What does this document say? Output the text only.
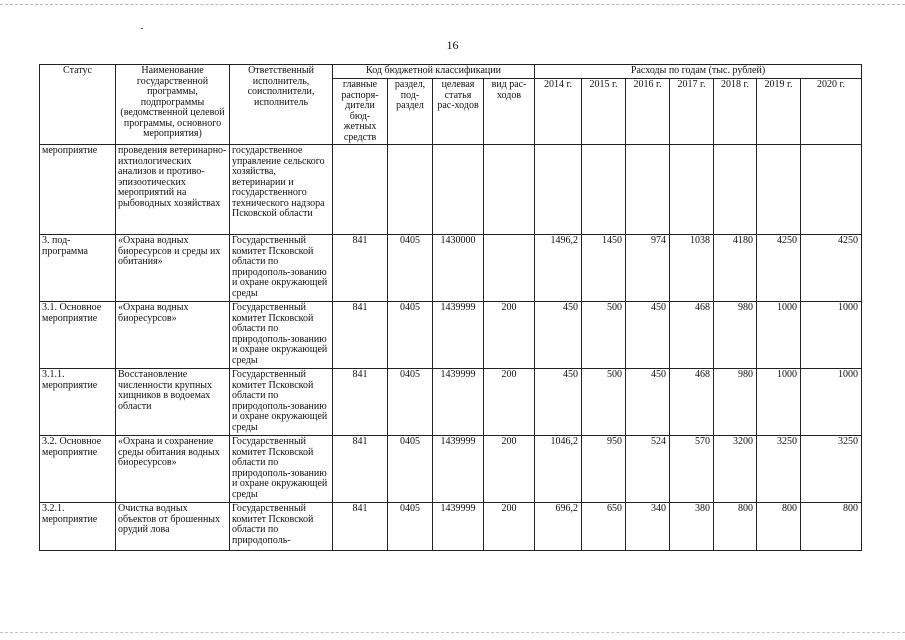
16
Статус	Наименование государственной программы, подпрограммы (ведомственной целевой программы, основного мероприятия)	Ответственный исполнитель, соисполнители, исполнитель	Код бюджетной классификации				Расходы по годам (тыс. рублей)						
			главные распоря-дители бюд-жетных средств	раздел, под-раздел	целевая статья рас-ходов	вид рас-ходов	2014 г.	2015 г.	2016 г.	2017 г.	2018 г.	2019 г.	2020 г.
мероприятие	проведения ветеринарно-ихтиологических анализов и противо-эпизоотических мероприятий на рыбоводных хозяйствах	государственное управление сельского хозяйства, ветеринарии и государственного технического надзора Псковской области											
3. под-программа	«Охрана водных биоресурсов и среды их обитания»	Государственный комитет Псковской области по природополь-зованию и охране окружающей среды	841	0405	1430000		1496,2	1450	974	1038	4180	4250	4250
3.1. Основное мероприятие	«Охрана водных биоресурсов»	Государственный комитет Псковской области по природополь-зованию и охране окружающей среды	841	0405	1439999	200	450	500	450	468	980	1000	1000
3.1.1. мероприятие	Восстановление численности крупных хищников в водоемах области	Государственный комитет Псковской области по природополь-зованию и охране окружающей среды	841	0405	1439999	200	450	500	450	468	980	1000	1000
3.2. Основное мероприятие	«Охрана и сохранение среды обитания водных биоресурсов»	Государственный комитет Псковской области по природополь-зованию и охране окружающей среды	841	0405	1439999	200	1046,2	950	524	570	3200	3250	3250
3.2.1. мероприятие	Очистка водных объектов от брошенных орудий лова	Государственный комитет Псковской области по природополь-	841	0405	1439999	200	696,2	650	340	380	800	800	800
